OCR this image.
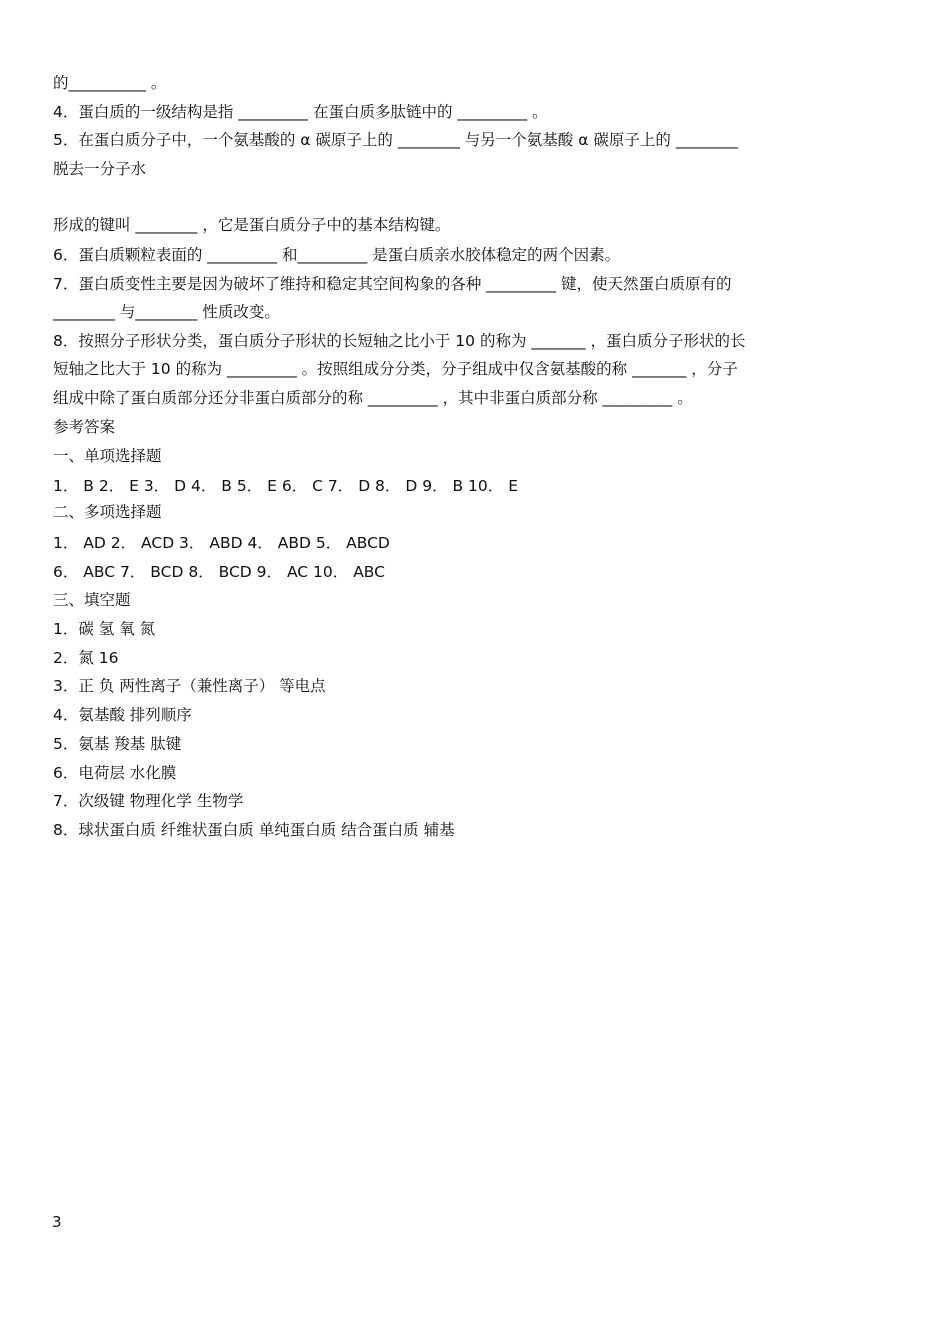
的__________ 。
4．蛋白质的一级结构是指 _________ 在蛋白质多肽链中的 _________ 。
5．在蛋白质分子中，一个氨基酸的 α 碳原子上的 ________ 与另一个氨基酸 α 碳原子上的 ________
脱去一分子水
形成的键叫 ________ ，它是蛋白质分子中的基本结构键。
6．蛋白质颗粒表面的 _________ 和_________ 是蛋白质亲水胶体稳定的两个因素。
7．蛋白质变性主要是因为破坏了维持和稳定其空间构象的各种 _________ 键，使天然蛋白质原有的
________ 与________ 性质改变。
8．按照分子形状分类，蛋白质分子形状的长短轴之比小于 10 的称为 _______ ，蛋白质分子形状的长
短轴之比大于 10 的称为 _________ 。按照组成分分类，分子组成中仅含氨基酸的称 _______ ，分子
组成中除了蛋白质部分还分非蛋白质部分的称 _________ ，其中非蛋白质部分称 _________ 。
参考答案
一、单项选择题
1． B 2． E 3． D 4． B 5． E 6． C 7． D 8． D 9． B 10． E
二、多项选择题
1． AD 2． ACD 3． ABD 4． ABD 5． ABCD
6． ABC 7． BCD 8． BCD 9． AC 10． ABC
三、填空题
1．碳 氢 氧 氮
2．氮 16
3．正 负 两性离子（兼性离子） 等电点
4．氨基酸 排列顺序
5．氨基 羧基 肽键
6．电荷层 水化膜
7．次级键 物理化学 生物学
8．球状蛋白质 纤维状蛋白质 单纯蛋白质 结合蛋白质 辅基
3
